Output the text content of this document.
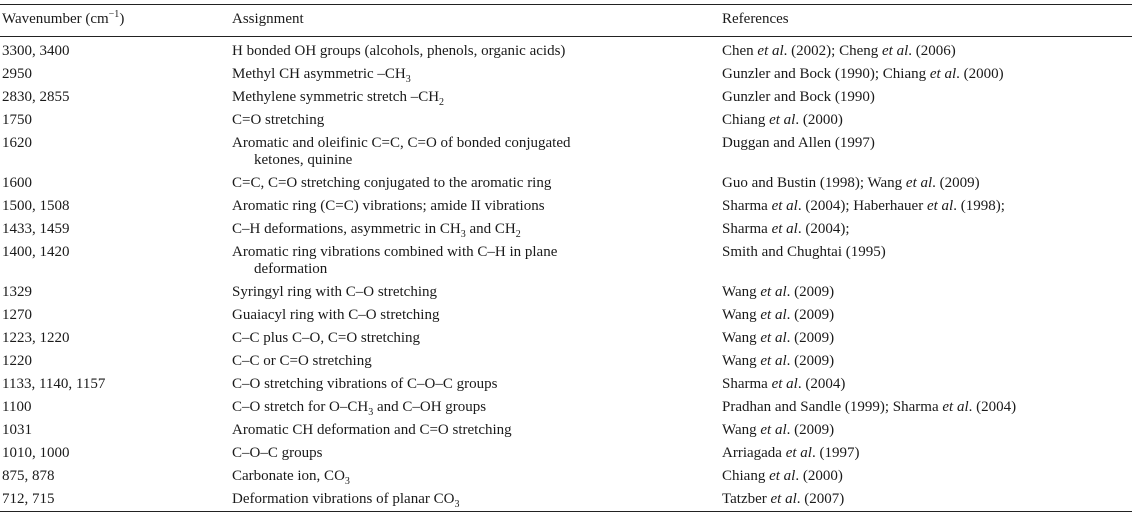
Wavenumber $(cm^{-1})$	Assignment	References
3300, 3400	H bonded OH groups (alcohols, phenols, organic acids)	Chen et al. (2002); Cheng et al. (2006)
2950	Methyl CH asymmetric $-CH_3$	Gunzler and Bock (1990); Chiang et al. (2000)
2830, 2855	Methylene symmetric stretch $-CH_2$	Gunzler and Bock (1990)
1750	C=O stretching	Chiang et al. (2000)
1620	Aromatic and oleifinic C=C, C=O of bonded conjugated
ketones, quinine	Duggan and Allen (1997)
1600	C=C, C=O stretching conjugated to the aromatic ring	Guo and Bustin (1998); Wang et al. (2009)
1500, 1508	Aromatic ring (C=C) vibrations; amide II vibrations	Sharma et al. (2004); Haberhauer et al. (1998);
1433, 1459	C–H deformations, asymmetric in $CH_3$ and $CH_2$	Sharma et al. (2004);
1400, 1420	Aromatic ring vibrations combined with C–H in plane
deformation	Smith and Chughtai (1995)
1329	Syringyl ring with C–O stretching	Wang et al. (2009)
1270	Guaiacyl ring with C–O stretching	Wang et al. (2009)
1223, 1220	C–C plus C–O, C=O stretching	Wang et al. (2009)
1220	C–C or C=O stretching	Wang et al. (2009)
1133, 1140, 1157	C–O stretching vibrations of C–O–C groups	Sharma et al. (2004)
1100	C–O stretch for $O-CH_3$ and C–OH groups	Pradhan and Sandle (1999); Sharma et al. (2004)
1031	Aromatic CH deformation and C=O stretching	Wang et al. (2009)
1010, 1000	C–O–C groups	Arriagada et al. (1997)
875, 878	Carbonate ion, $CO_3$	Chiang et al. (2000)
712, 715	Deformation vibrations of planar $CO_3$	Tatzber et al. (2007)
